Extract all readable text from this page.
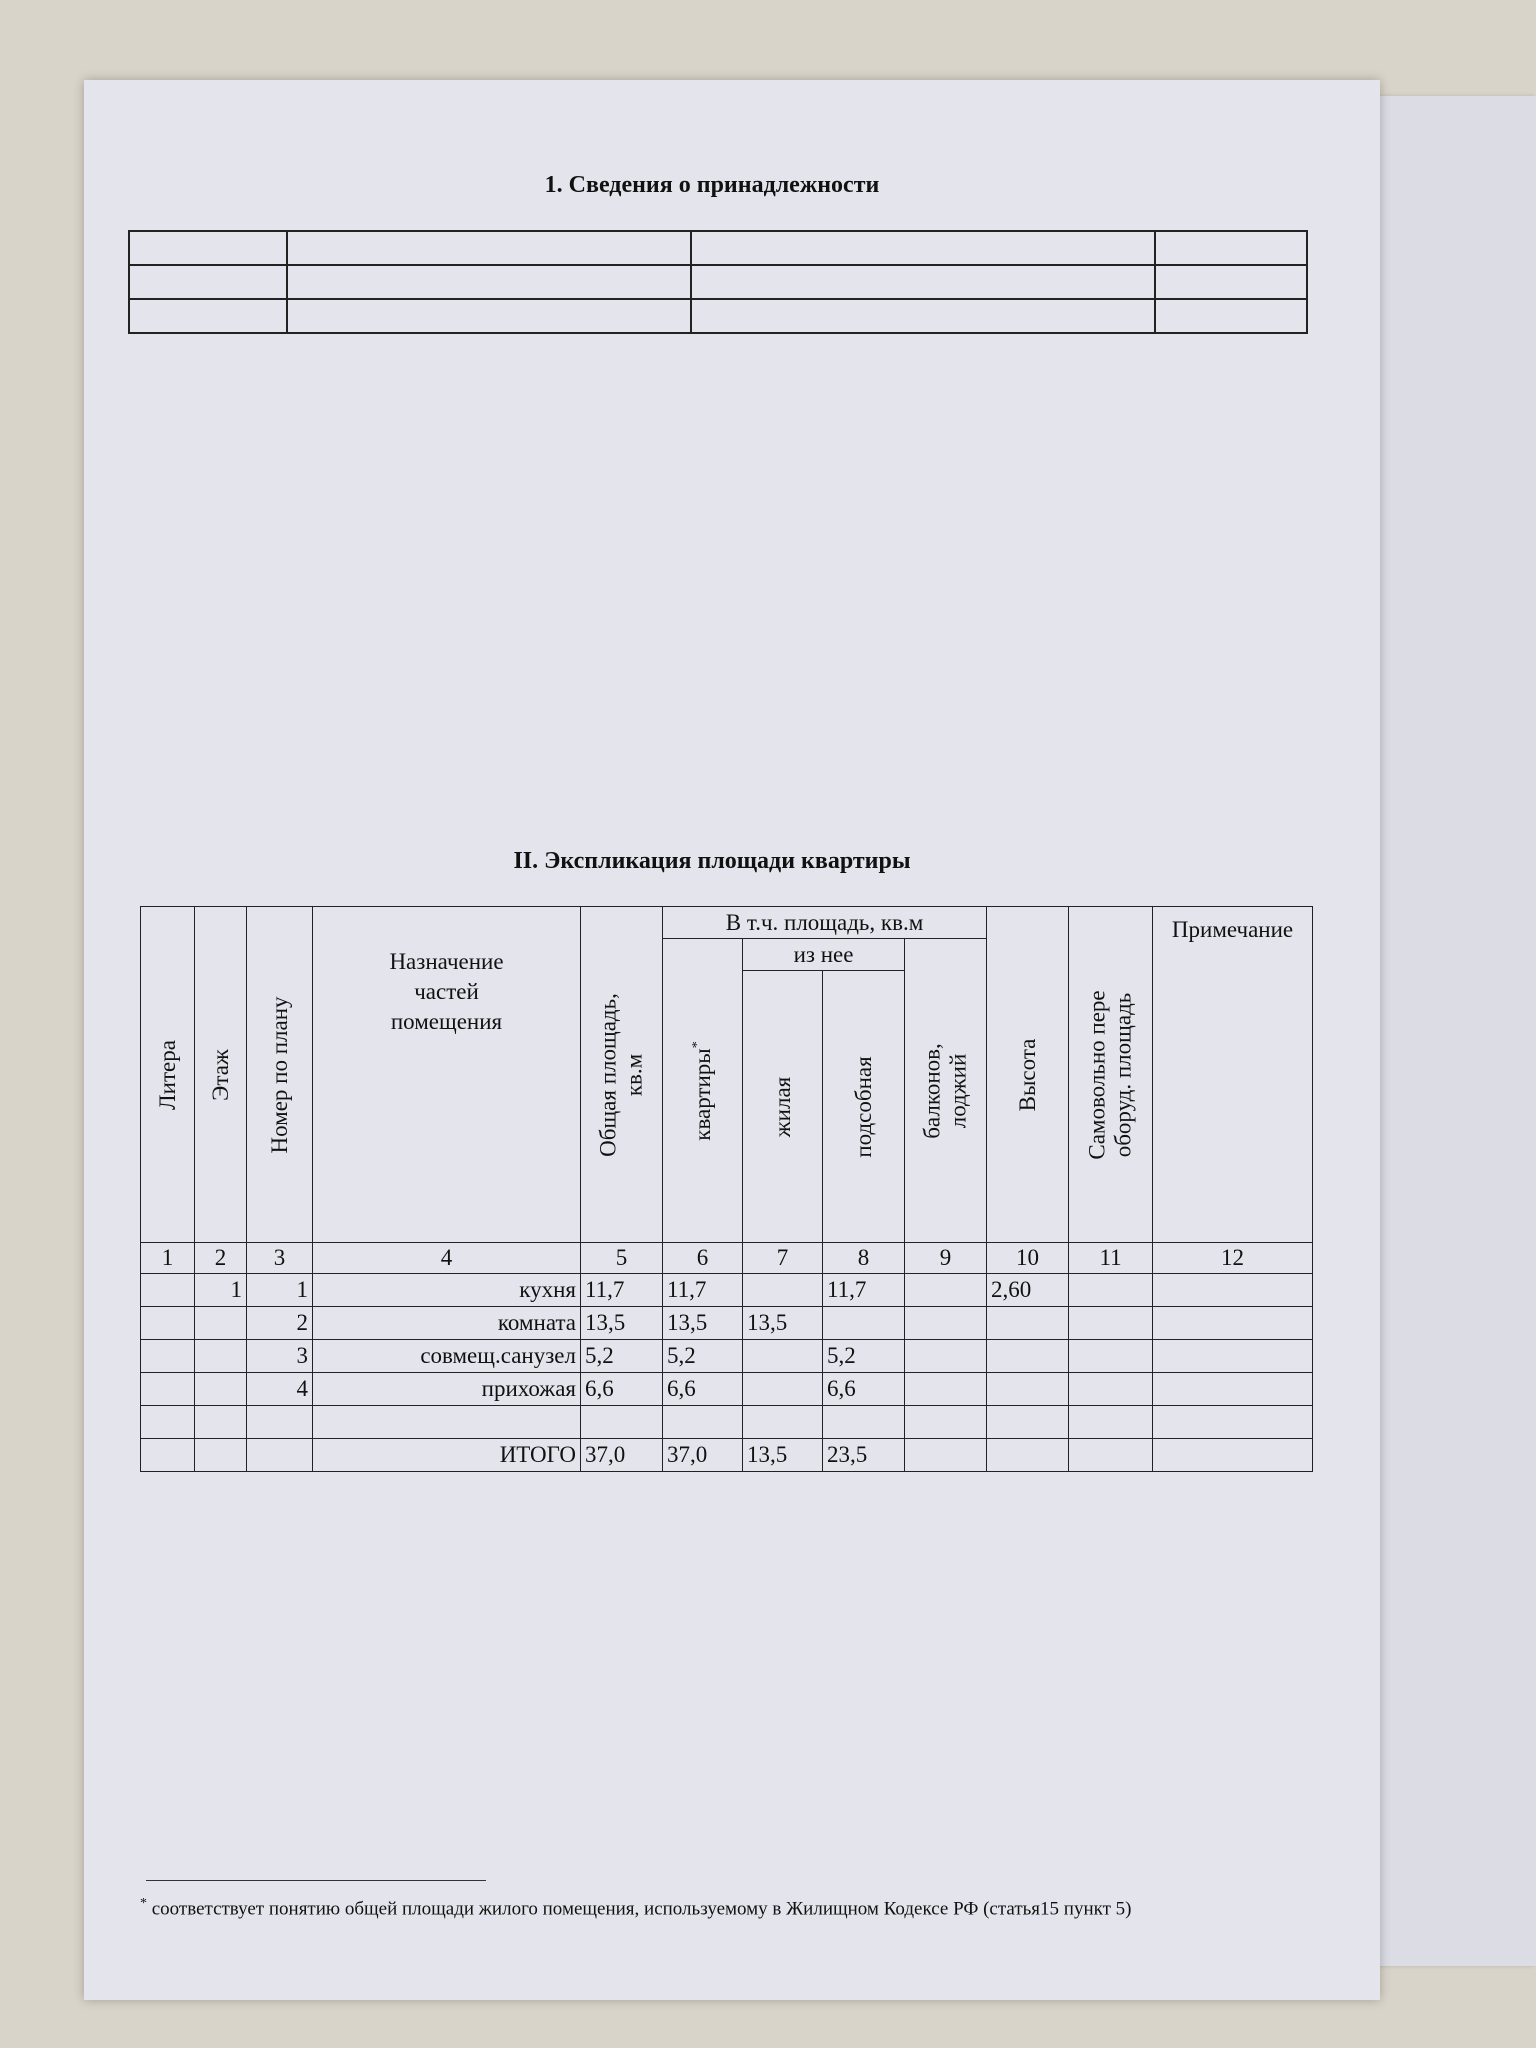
1. Сведения о принадлежности

II. Экспликация площади квартиры
Литера	Этаж	Номер по плану	Назначение частей помещения	Общая площадь, кв.м	В т.ч. площадь, кв.м				Высота	Самовольно пере оборуд. площадь	Примечание

					квартиры*	из нее		балконов, лоджий			

						жилая	подсобная				

1	2	3	4	5	6	7	8	9	10	11	12
	1	1	кухня	11,7	11,7		11,7		2,60		
		2	комната	13,5	13,5	13,5					
		3	совмещ.санузел	5,2	5,2		5,2				
		4	прихожая	6,6	6,6		6,6				

			ИТОГО	37,0	37,0	13,5	23,5				
* соответствует понятию общей площади жилого помещения, используемому в Жилищном Кодексе РФ (статья15 пункт 5)
